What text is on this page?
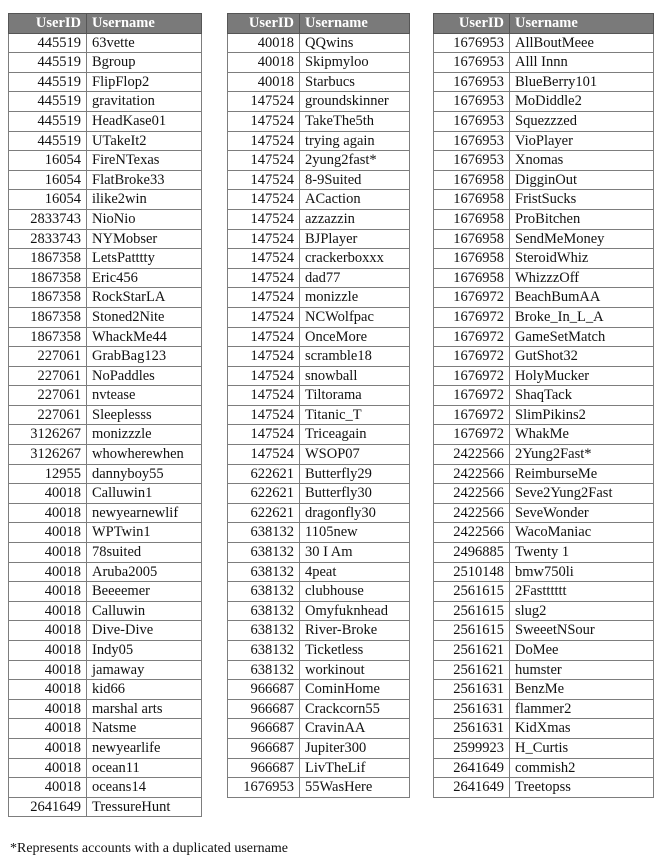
UserID	Username
445519	63vette
445519	Bgroup
445519	FlipFlop2
445519	gravitation
445519	HeadKase01
445519	UTakeIt2
16054	FireNTexas
16054	FlatBroke33
16054	ilike2win
2833743	NioNio
2833743	NYMobser
1867358	LetsPatttty
1867358	Eric456
1867358	RockStarLA
1867358	Stoned2Nite
1867358	WhackMe44
227061	GrabBag123
227061	NoPaddles
227061	nvtease
227061	Sleeplesss
3126267	monizzzle
3126267	whowherewhen
12955	dannyboy55
40018	Calluwin1
40018	newyearnewlif
40018	WPTwin1
40018	78suited
40018	Aruba2005
40018	Beeeemer
40018	Calluwin
40018	Dive-Dive
40018	Indy05
40018	jamaway
40018	kid66
40018	marshal arts
40018	Natsme
40018	newyearlife
40018	ocean11
40018	oceans14
2641649	TressureHunt
UserID	Username
40018	QQwins
40018	Skipmyloo
40018	Starbucs
147524	groundskinner
147524	TakeThe5th
147524	trying again
147524	2yung2fast*
147524	8-9Suited
147524	ACaction
147524	azzazzin
147524	BJPlayer
147524	crackerboxxx
147524	dad77
147524	monizzle
147524	NCWolfpac
147524	OnceMore
147524	scramble18
147524	snowball
147524	Tiltorama
147524	Titanic_T
147524	Triceagain
147524	WSOP07
622621	Butterfly29
622621	Butterfly30
622621	dragonfly30
638132	1105new
638132	30 I Am
638132	4peat
638132	clubhouse
638132	Omyfuknhead
638132	River-Broke
638132	Ticketless
638132	workinout
966687	CominHome
966687	Crackcorn55
966687	CravinAA
966687	Jupiter300
966687	LivTheLif
1676953	55WasHere
UserID	Username
1676953	AllBoutMeee
1676953	Alll Innn
1676953	BlueBerry101
1676953	MoDiddle2
1676953	Squezzzed
1676953	VioPlayer
1676953	Xnomas
1676958	DigginOut
1676958	FristSucks
1676958	ProBitchen
1676958	SendMeMoney
1676958	SteroidWhiz
1676958	WhizzzOff
1676972	BeachBumAA
1676972	Broke_In_L_A
1676972	GameSetMatch
1676972	GutShot32
1676972	HolyMucker
1676972	ShaqTack
1676972	SlimPikins2
1676972	WhakMe
2422566	2Yung2Fast*
2422566	ReimburseMe
2422566	Seve2Yung2Fast
2422566	SeveWonder
2422566	WacoManiac
2496885	Twenty 1
2510148	bmw750li
2561615	2Fastttttt
2561615	slug2
2561615	SweeetNSour
2561621	DoMee
2561621	humster
2561631	BenzMe
2561631	flammer2
2561631	KidXmas
2599923	H_Curtis
2641649	commish2
2641649	Treetopss
*Represents accounts with a duplicated username
